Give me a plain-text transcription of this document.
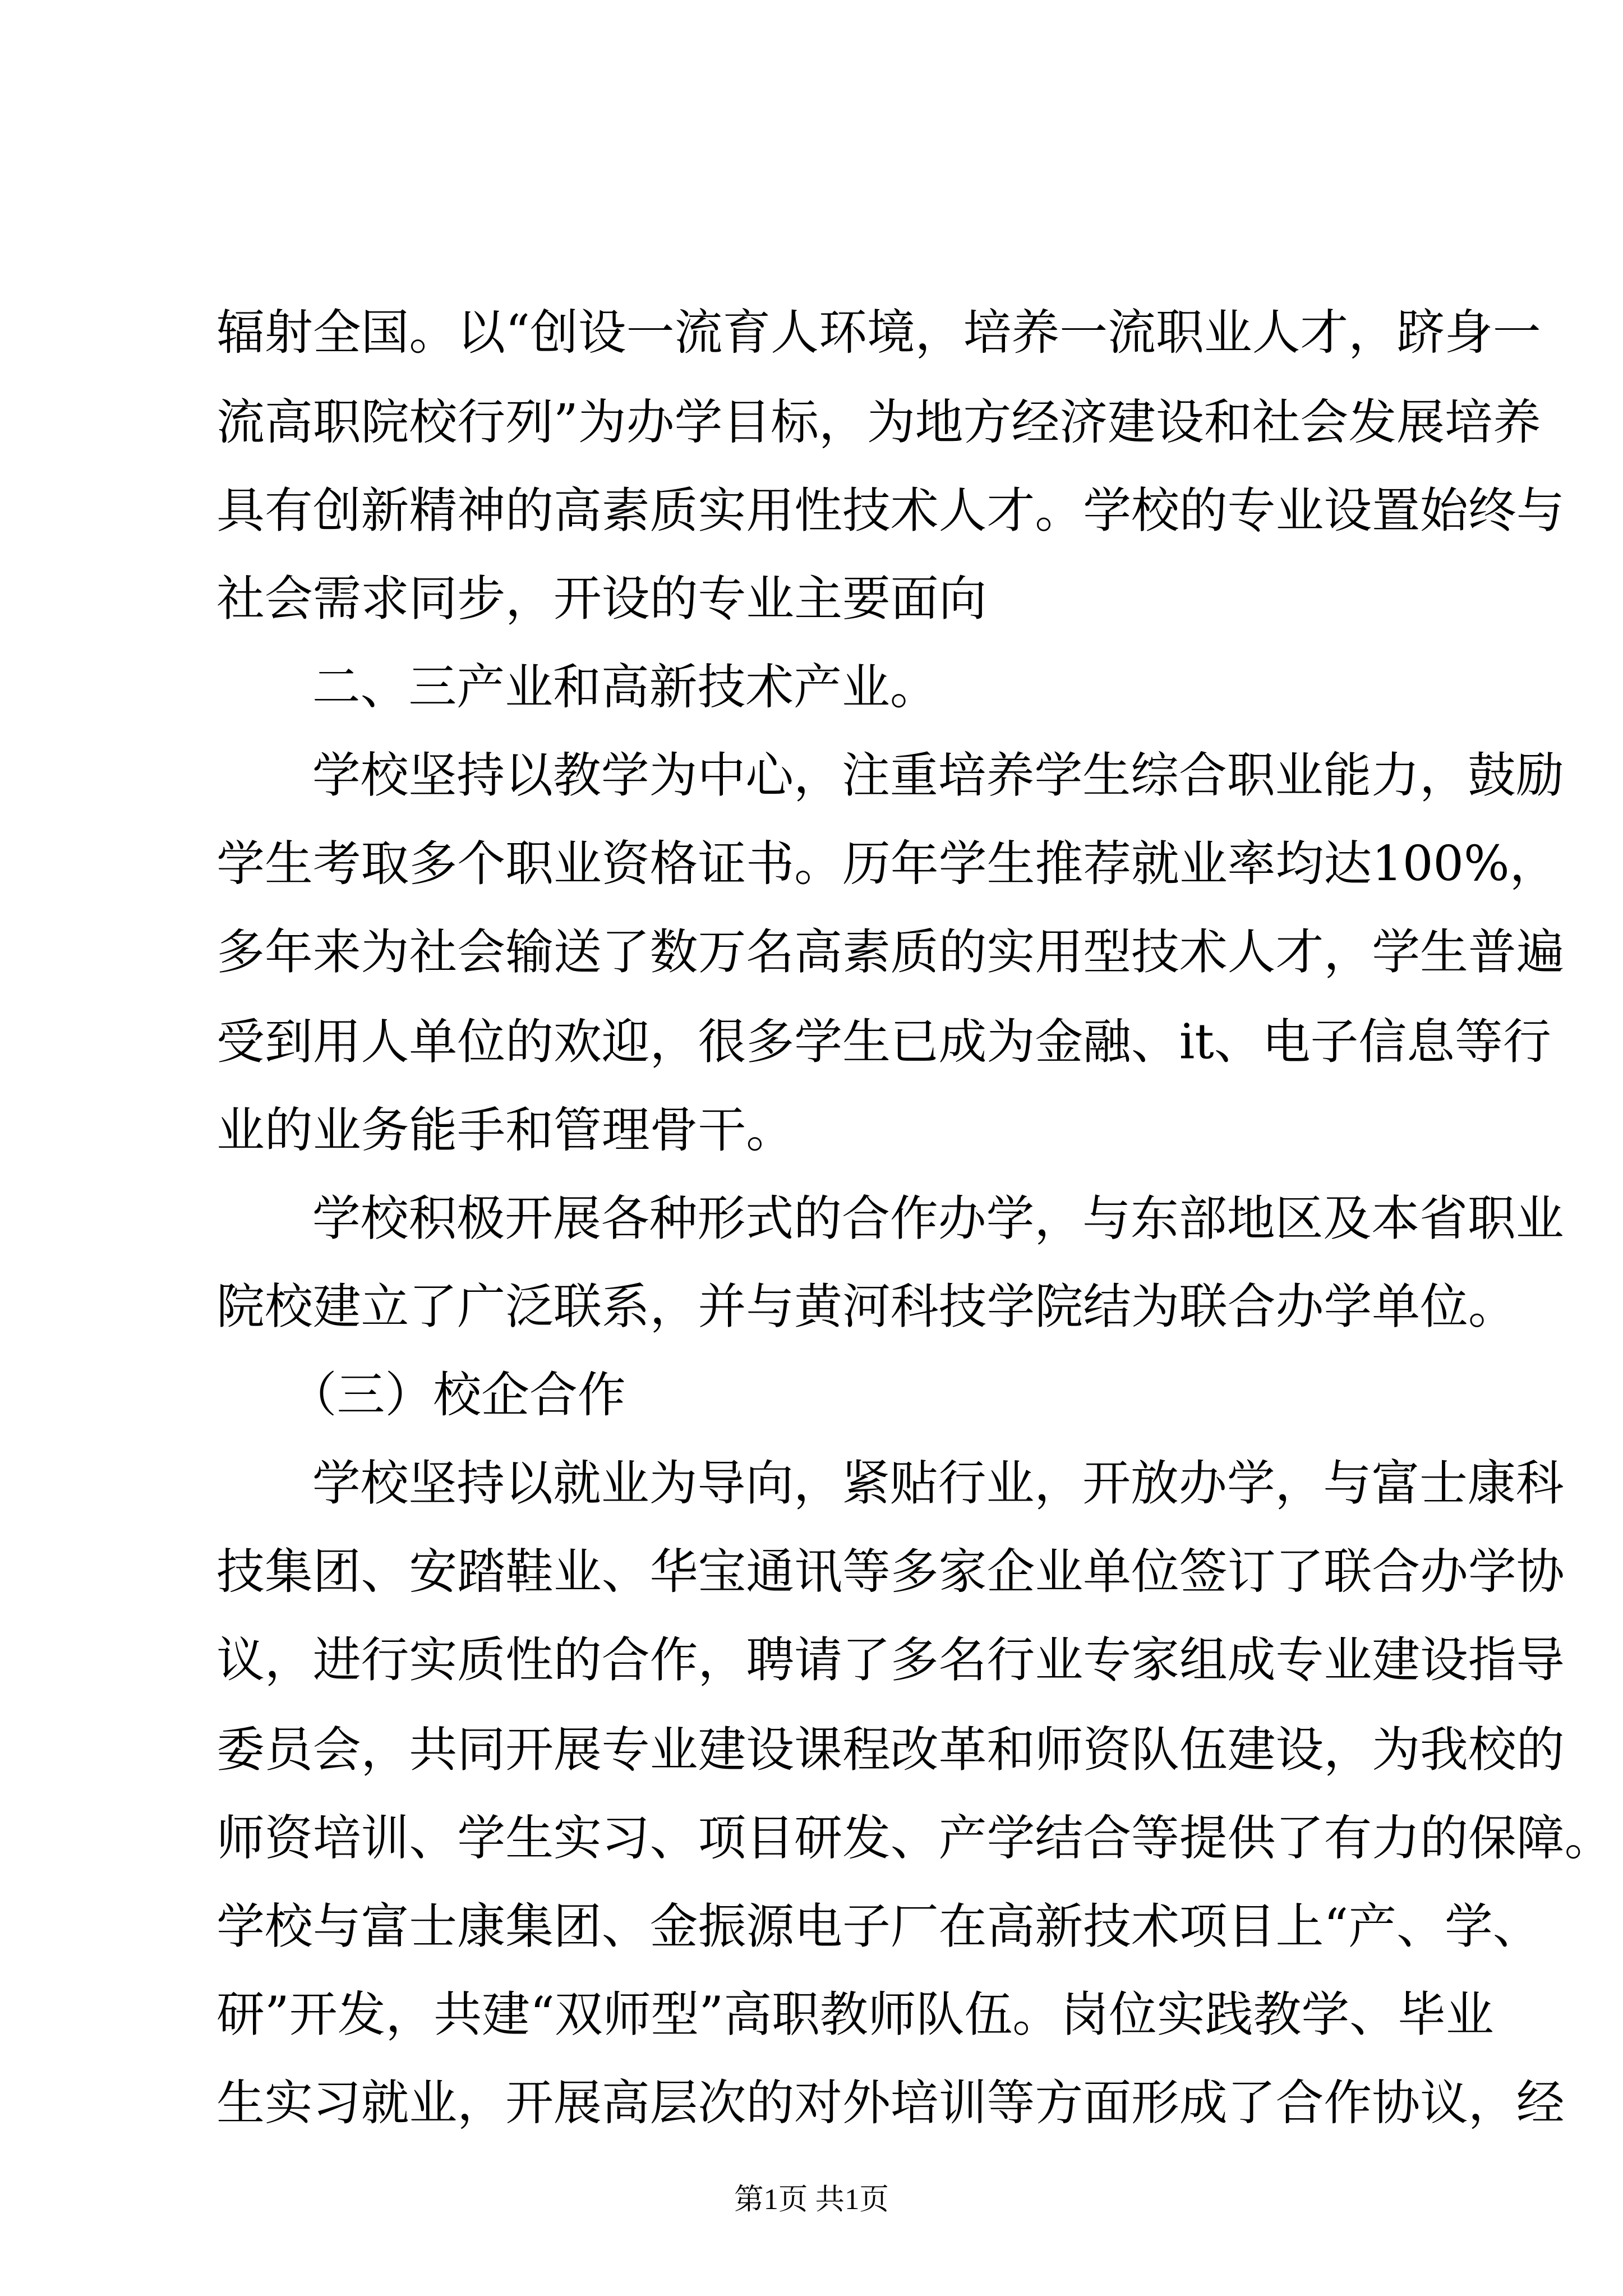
辐射全国。以“创设一流育人环境，培养一流职业人才，跻身一
流高职院校行列”为办学目标，为地方经济建设和社会发展培养
具有创新精神的高素质实用性技术人才。学校的专业设置始终与
社会需求同步，开设的专业主要面向
二、三产业和高新技术产业。
学校坚持以教学为中心，注重培养学生综合职业能力，鼓励
学生考取多个职业资格证书。历年学生推荐就业率均达100%，
多年来为社会输送了数万名高素质的实用型技术人才，学生普遍
受到用人单位的欢迎，很多学生已成为金融、it、电子信息等行
业的业务能手和管理骨干。
学校积极开展各种形式的合作办学，与东部地区及本省职业
院校建立了广泛联系，并与黄河科技学院结为联合办学单位。
（三）校企合作
学校坚持以就业为导向，紧贴行业，开放办学，与富士康科
技集团、安踏鞋业、华宝通讯等多家企业单位签订了联合办学协
议，进行实质性的合作，聘请了多名行业专家组成专业建设指导
委员会，共同开展专业建设课程改革和师资队伍建设，为我校的
师资培训、学生实习、项目研发、产学结合等提供了有力的保障。
学校与富士康集团、金振源电子厂在高新技术项目上“产、学、
研”开发，共建“双师型”高职教师队伍。岗位实践教学、毕业
生实习就业，开展高层次的对外培训等方面形成了合作协议，经
第1页 共1页
